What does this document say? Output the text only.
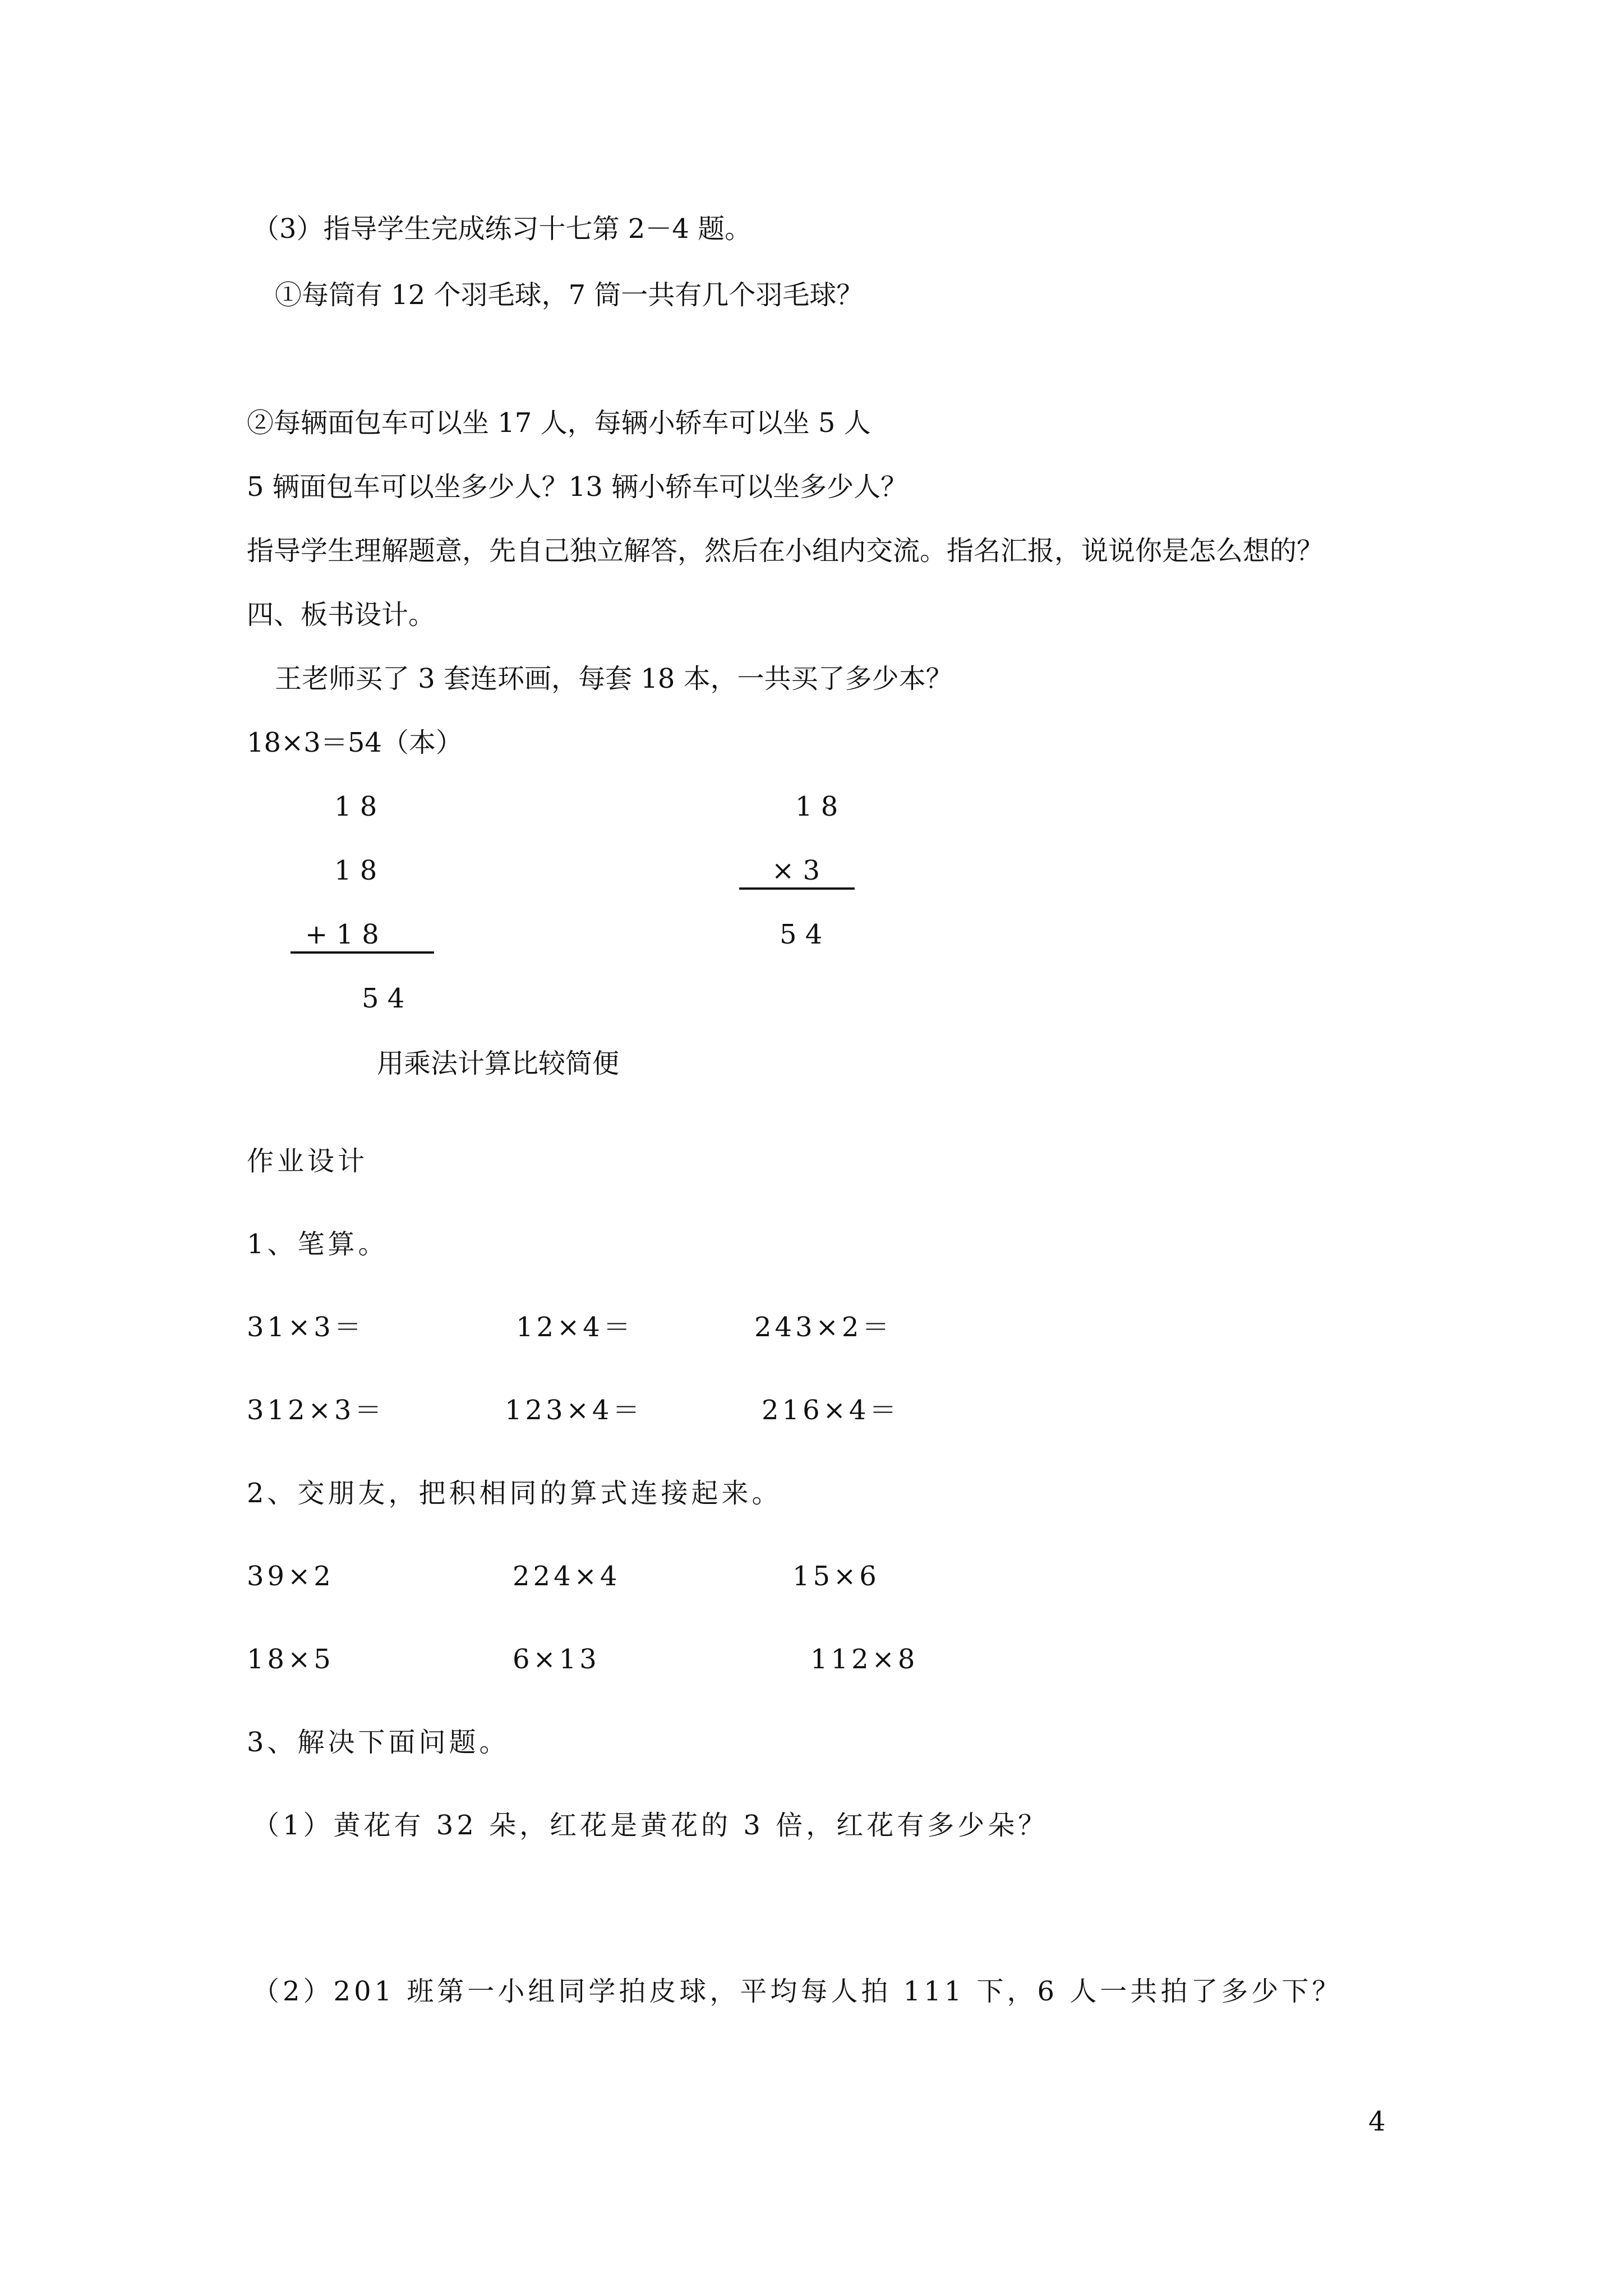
（3）指导学生完成练习十七第 2－4 题。
①每筒有 12 个羽毛球，7 筒一共有几个羽毛球？
②每辆面包车可以坐 17 人，每辆小轿车可以坐 5 人
5 辆面包车可以坐多少人？13 辆小轿车可以坐多少人？
指导学生理解题意，先自己独立解答，然后在小组内交流。指名汇报，说说你是怎么想的？
四、板书设计。
王老师买了 3 套连环画，每套 18 本，一共买了多少本？
18×3＝54（本）
1 8
1 8
+ 1 8
5 4
1 8
× 3
5 4
用乘法计算比较简便
作业设计
1、笔算。
31×3＝	12×4＝	243×2＝
312×3＝	123×4＝	216×4＝
2、交朋友，把积相同的算式连接起来。
39×2	224×4	15×6
18×5	6×13	112×8
3、解决下面问题。
（1）黄花有 32 朵，红花是黄花的 3 倍，红花有多少朵？
（2）201 班第一小组同学拍皮球，平均每人拍 111 下，6 人一共拍了多少下？
4
